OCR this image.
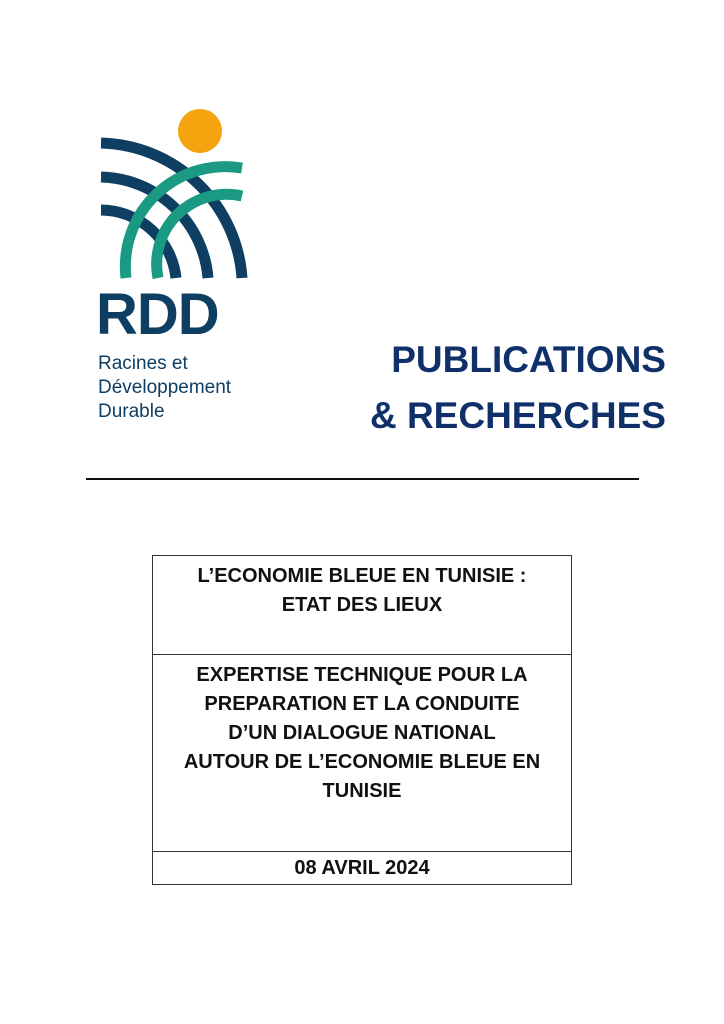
RDD
Racines et
Développement
Durable
PUBLICATIONS
& RECHERCHES
L’ECONOMIE BLEUE EN TUNISIE :
ETAT DES LIEUX
EXPERTISE TECHNIQUE POUR LA
PREPARATION ET LA CONDUITE
D’UN DIALOGUE NATIONAL
AUTOUR DE L’ECONOMIE BLEUE EN
TUNISIE
08 AVRIL 2024
